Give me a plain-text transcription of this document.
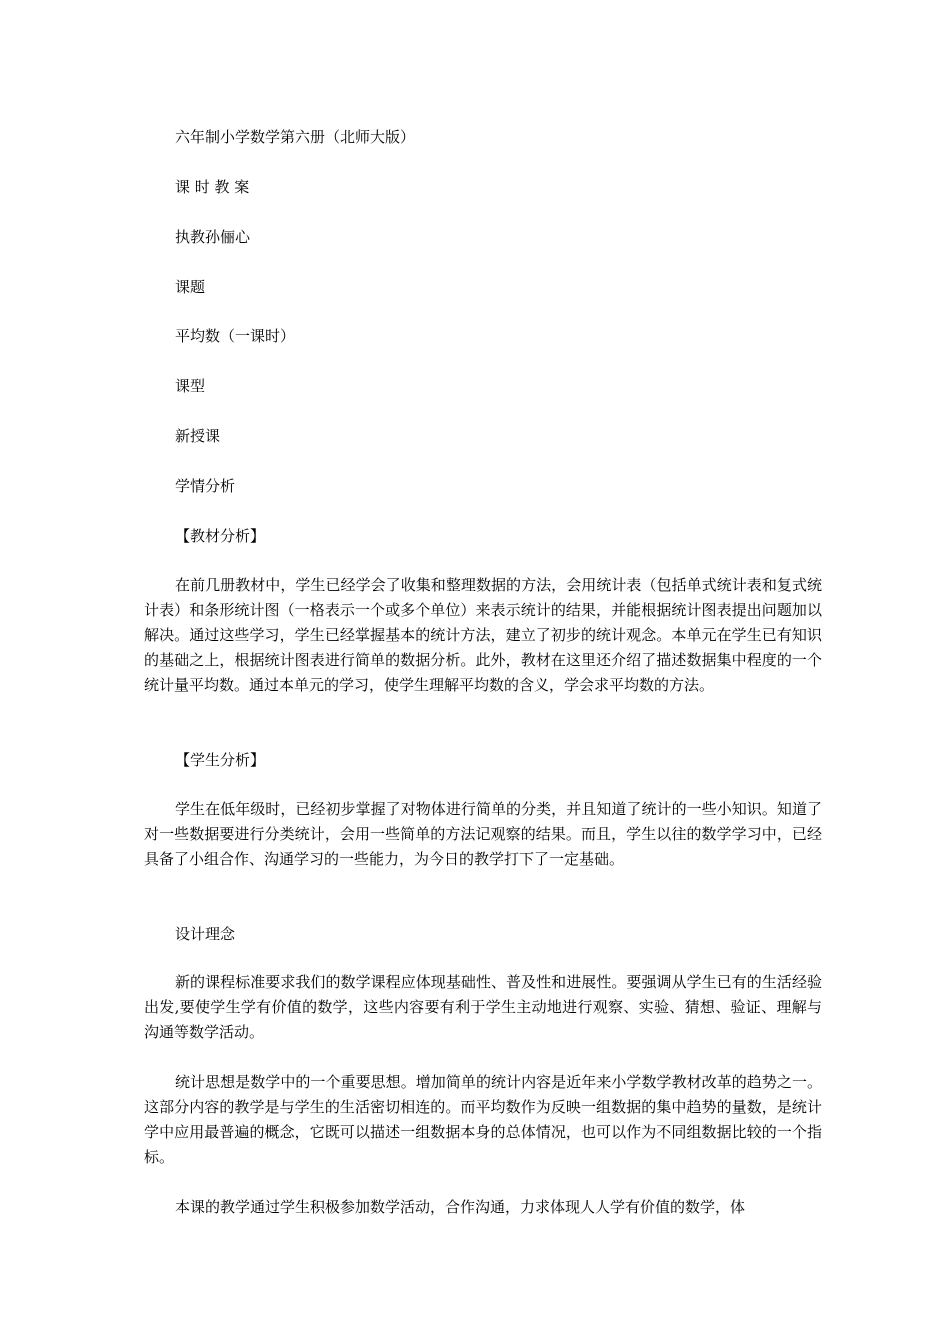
六年制小学数学第六册（北师大版）
课 时 教 案
执教孙俪心
课题
平均数（一课时）
课型
新授课
学情分析
【教材分析】
在前几册教材中，学生已经学会了收集和整理数据的方法，会用统计表（包括单式统计表和复式统计表）和条形统计图（一格表示一个或多个单位）来表示统计的结果，并能根据统计图表提出问题加以解决。通过这些学习，学生已经掌握基本的统计方法，建立了初步的统计观念。本单元在学生已有知识的基础之上，根据统计图表进行简单的数据分析。此外，教材在这里还介绍了描述数据集中程度的一个统计量平均数。通过本单元的学习，使学生理解平均数的含义，学会求平均数的方法。
【学生分析】
学生在低年级时，已经初步掌握了对物体进行简单的分类，并且知道了统计的一些小知识。知道了对一些数据要进行分类统计，会用一些简单的方法记观察的结果。而且，学生以往的数学学习中，已经具备了小组合作、沟通学习的一些能力，为今日的教学打下了一定基础。
设计理念
新的课程标准要求我们的数学课程应体现基础性、普及性和进展性。要强调从学生已有的生活经验出发,要使学生学有价值的数学，这些内容要有利于学生主动地进行观察、实验、猜想、验证、理解与沟通等数学活动。
统计思想是数学中的一个重要思想。增加简单的统计内容是近年来小学数学教材改革的趋势之一。这部分内容的教学是与学生的生活密切相连的。而平均数作为反映一组数据的集中趋势的量数，是统计学中应用最普遍的概念，它既可以描述一组数据本身的总体情况，也可以作为不同组数据比较的一个指标。
本课的教学通过学生积极参加数学活动，合作沟通，力求体现人人学有价值的数学，体
